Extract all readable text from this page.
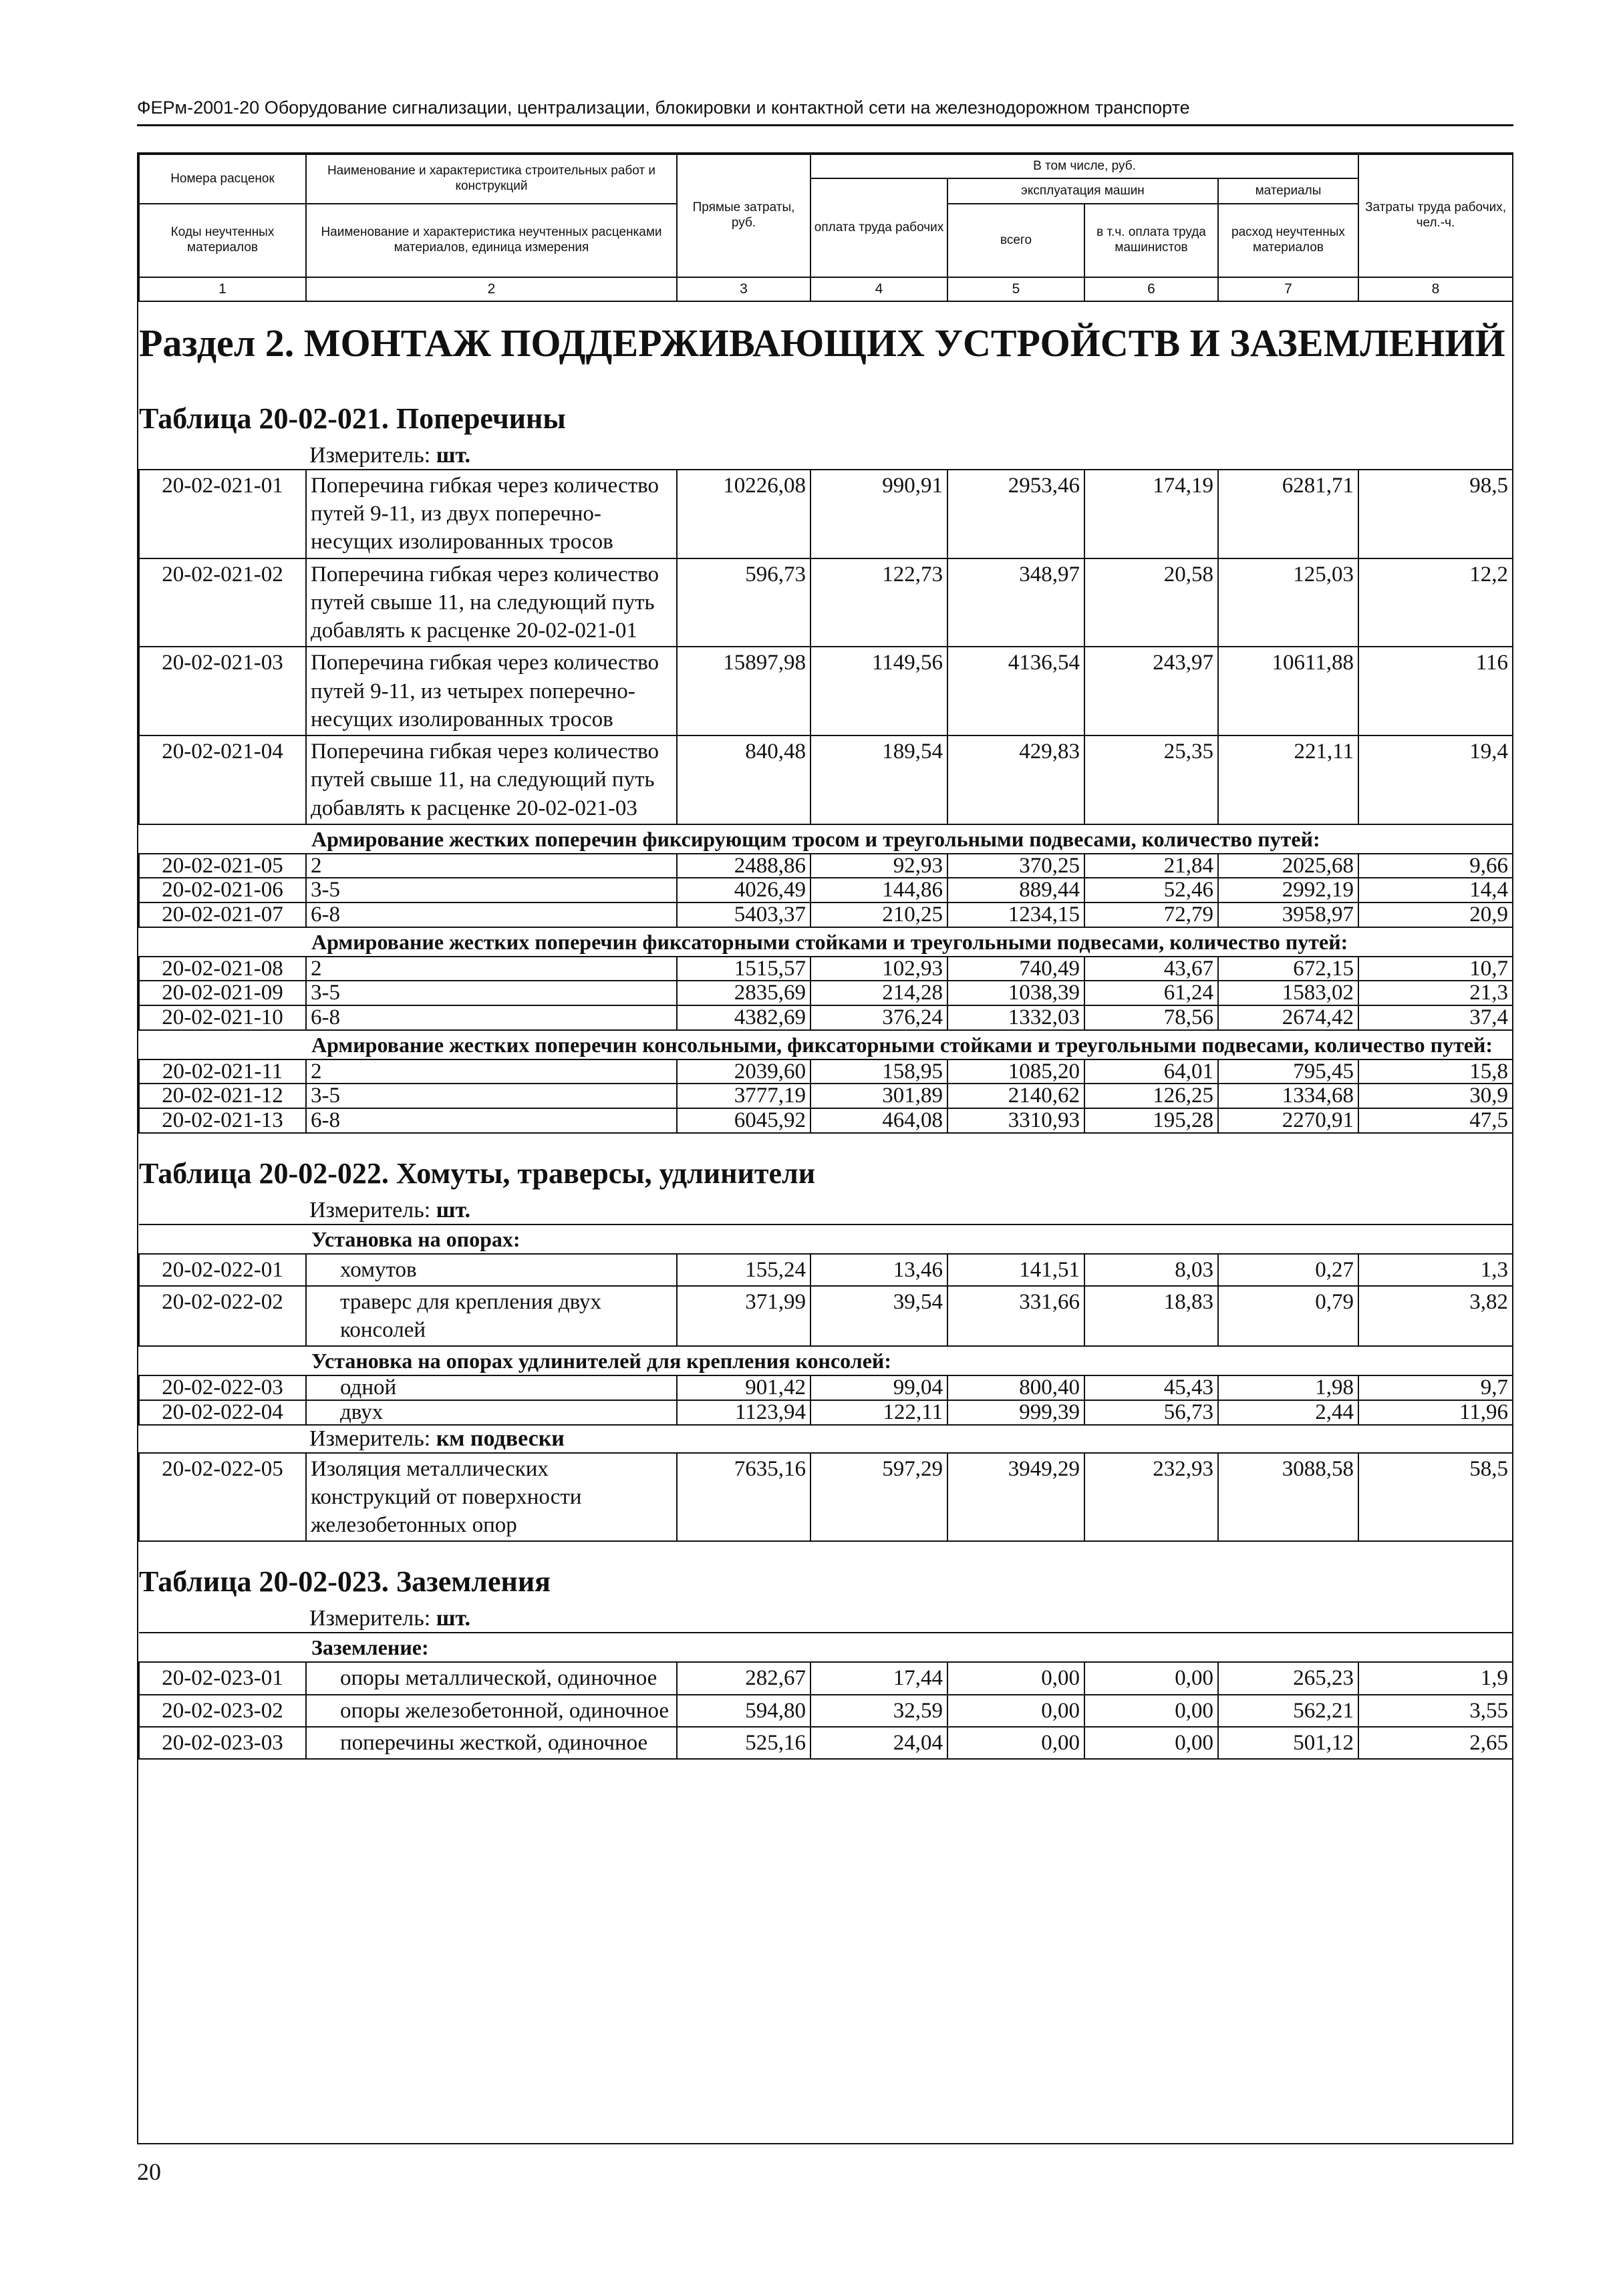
ФЕРм-2001-20 Оборудование сигнализации, централизации, блокировки и контактной сети на железнодорожном транспорте
Номера расценок	Наименование и характеристика строительных работ и конструкций	Прямые затраты, руб.	В том числе, руб.				Затраты труда рабочих, чел.-ч.
			оплата труда рабочих	эксплуатация машин		материалы	
Коды неучтенных материалов	Наименование и характеристика неучтенных расценками материалов, единица измерения			всего	в т.ч. оплата труда машинистов	расход неучтенных материалов	

1	2	3	4	5	6	7	8
Раздел 2. МОНТАЖ ПОДДЕРЖИВАЮЩИХ УСТРОЙСТВ И ЗАЗЕМЛЕНИЙ							
Таблица 20-02-021. Поперечины							
Измеритель: шт.							
20-02-021-01	Поперечина гибкая через количество путей 9-11, из двух поперечно-несущих изолированных тросов	10226,08	990,91	2953,46	174,19	6281,71	98,5
20-02-021-02	Поперечина гибкая через количество путей свыше 11, на следующий путь добавлять к расценке 20-02-021-01	596,73	122,73	348,97	20,58	125,03	12,2
20-02-021-03	Поперечина гибкая через количество путей 9-11, из четырех поперечно-несущих изолированных тросов	15897,98	1149,56	4136,54	243,97	10611,88	116
20-02-021-04	Поперечина гибкая через количество путей свыше 11, на следующий путь добавлять к расценке 20-02-021-03	840,48	189,54	429,83	25,35	221,11	19,4
Армирование жестких поперечин фиксирующим тросом и треугольными подвесами, количество путей:							
20-02-021-05	2	2488,86	92,93	370,25	21,84	2025,68	9,66
20-02-021-06	3-5	4026,49	144,86	889,44	52,46	2992,19	14,4
20-02-021-07	6-8	5403,37	210,25	1234,15	72,79	3958,97	20,9
Армирование жестких поперечин фиксаторными стойками и треугольными подвесами, количество путей:							
20-02-021-08	2	1515,57	102,93	740,49	43,67	672,15	10,7
20-02-021-09	3-5	2835,69	214,28	1038,39	61,24	1583,02	21,3
20-02-021-10	6-8	4382,69	376,24	1332,03	78,56	2674,42	37,4
Армирование жестких поперечин консольными, фиксаторными стойками и треугольными подвесами, количество путей:							
20-02-021-11	2	2039,60	158,95	1085,20	64,01	795,45	15,8
20-02-021-12	3-5	3777,19	301,89	2140,62	126,25	1334,68	30,9
20-02-021-13	6-8	6045,92	464,08	3310,93	195,28	2270,91	47,5
Таблица 20-02-022. Хомуты, траверсы, удлинители							
Измеритель: шт.							
Установка на опорах:							
20-02-022-01	хомутов	155,24	13,46	141,51	8,03	0,27	1,3
20-02-022-02	траверс для крепления двух консолей	371,99	39,54	331,66	18,83	0,79	3,82
Установка на опорах удлинителей для крепления консолей:							
20-02-022-03	одной	901,42	99,04	800,40	45,43	1,98	9,7
20-02-022-04	двух	1123,94	122,11	999,39	56,73	2,44	11,96
Измеритель: км подвески							
20-02-022-05	Изоляция металлических конструкций от поверхности железобетонных опор	7635,16	597,29	3949,29	232,93	3088,58	58,5
Таблица 20-02-023. Заземления							
Измеритель: шт.							
Заземление:							
20-02-023-01	опоры металлической, одиночное	282,67	17,44	0,00	0,00	265,23	1,9
20-02-023-02	опоры железобетонной, одиночное	594,80	32,59	0,00	0,00	562,21	3,55
20-02-023-03	поперечины жесткой, одиночное	525,16	24,04	0,00	0,00	501,12	2,65
20
